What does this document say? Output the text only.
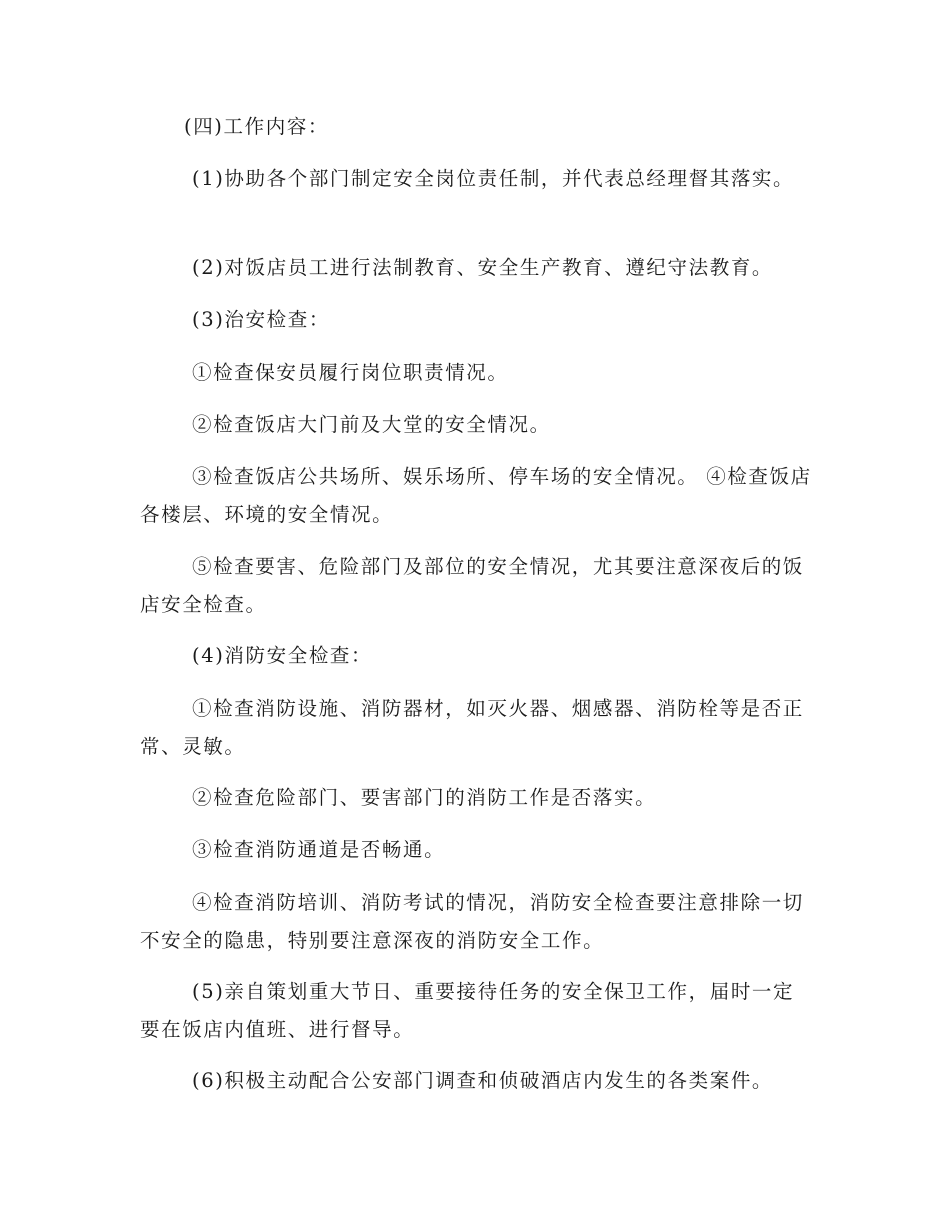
(四)工作内容：

(1)协助各个部门制定安全岗位责任制，并代表总经理督其落实。

(2)对饭店员工进行法制教育、安全生产教育、遵纪守法教育。

(3)治安检查：

①检查保安员履行岗位职责情况。

②检查饭店大门前及大堂的安全情况。

③检查饭店公共场所、娱乐场所、停车场的安全情况。 ④检查饭店各楼层、环境的安全情况。

⑤检查要害、危险部门及部位的安全情况，尤其要注意深夜后的饭店安全检查。

(4)消防安全检查：

①检查消防设施、消防器材，如灭火器、烟感器、消防栓等是否正常、灵敏。

②检查危险部门、要害部门的消防工作是否落实。

③检查消防通道是否畅通。

④检查消防培训、消防考试的情况，消防安全检查要注意排除一切不安全的隐患，特别要注意深夜的消防安全工作。

(5)亲自策划重大节日、重要接待任务的安全保卫工作，届时一定要在饭店内值班、进行督导。

(6)积极主动配合公安部门调查和侦破酒店内发生的各类案件。
